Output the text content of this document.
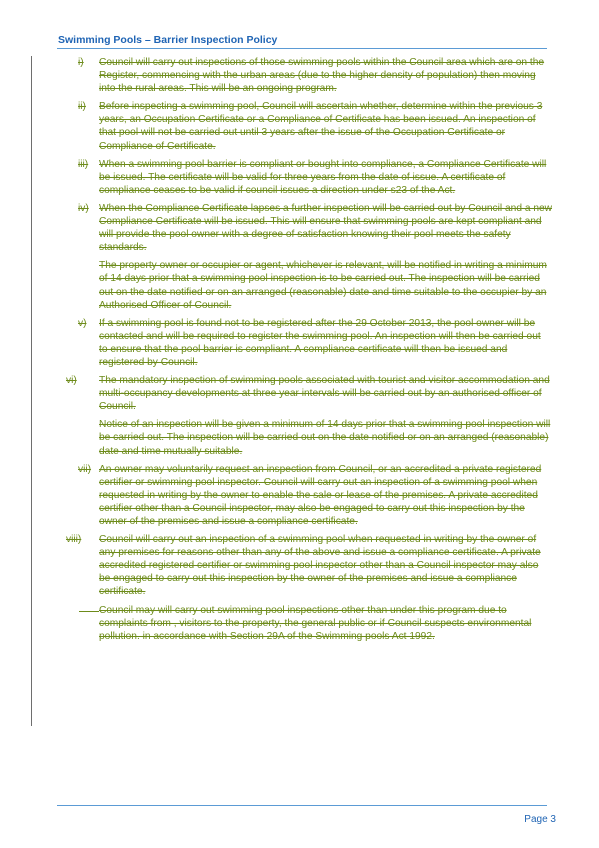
Swimming Pools – Barrier Inspection Policy
i) Council will carry out inspections of those swimming pools within the Council area which are on the Register, commencing with the urban areas (due to the higher density of population) then moving into the rural areas. This will be an ongoing program.
ii) Before inspecting a swimming pool, Council will ascertain whether, determine within the previous 3 years, an Occupation Certificate or a Compliance of Certificate has been issued. An inspection of that pool will not be carried out until 3 years after the issue of the Occupation Certificate or Compliance of Certificate.
iii) When a swimming pool barrier is compliant or bought into compliance, a Compliance Certificate will be issued. The certificate will be valid for three years from the date of issue. A certificate of compliance ceases to be valid if council issues a direction under s23 of the Act.
iv) When the Compliance Certificate lapses a further inspection will be carried out by Council and a new Compliance Certificate will be issued. This will ensure that swimming pools are kept compliant and will provide the pool owner with a degree of satisfaction knowing their pool meets the safety standards.
The property owner or occupier or agent, whichever is relevant, will be notified in writing a minimum of 14 days prior that a swimming pool inspection is to be carried out. The inspection will be carried out on the date notified or on an arranged (reasonable) date and time suitable to the occupier by an Authorised Officer of Council.
v) If a swimming pool is found not to be registered after the 29 October 2013, the pool owner will be contacted and will be required to register the swimming pool. An inspection will then be carried out to ensure that the pool barrier is compliant. A compliance certificate will then be issued and registered by Council.
vi) The mandatory inspection of swimming pools associated with tourist and visitor accommodation and multi-occupancy developments at three year intervals will be carried out by an authorised officer of Council.
Notice of an inspection will be given a minimum of 14 days prior that a swimming pool inspection will be carried out. The inspection will be carried out on the date notified or on an arranged (reasonable) date and time mutually suitable.
vii) An owner may voluntarily request an inspection from Council, or an accredited a private registered certifier or swimming pool inspector. Council will carry out an inspection of a swimming pool when requested in writing by the owner to enable the sale or lease of the premises. A private accredited certifier other than a Council inspector, may also be engaged to carry out this inspection by the owner of the premises and issue a compliance certificate.
viii) Council will carry out an inspection of a swimming pool when requested in writing by the owner of any premises for reasons other than any of the above and issue a compliance certificate. A private accredited registered certifier or swimming pool inspector other than a Council inspector may also be engaged to carry out this inspection by the owner of the premises and issue a compliance certificate.
Council may will carry out swimming pool inspections other than under this program due to complaints from , visitors to the property, the general public or if Council suspects environmental pollution. in accordance with Section 29A of the Swimming pools Act 1992.
Page 3
